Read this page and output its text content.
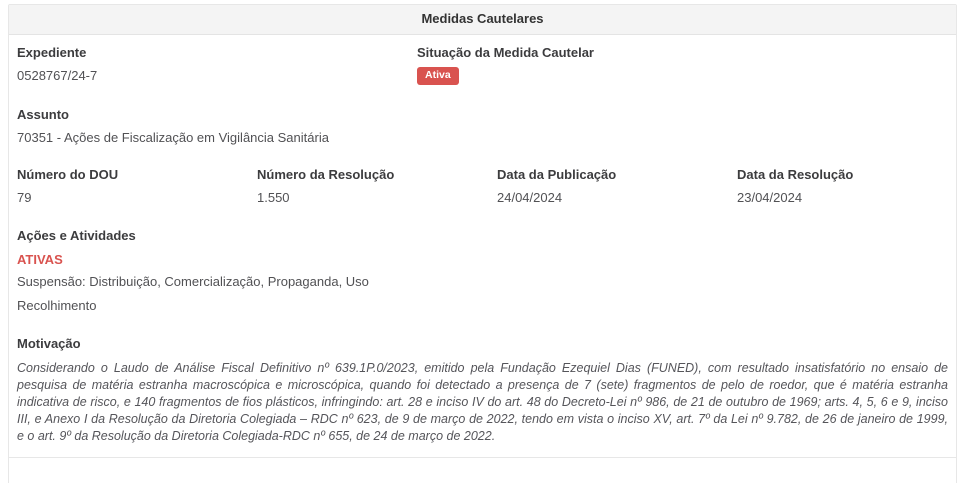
Medidas Cautelares
Expediente
0528767/24-7
Situação da Medida Cautelar
Ativa
Assunto
70351 - Ações de Fiscalização em Vigilância Sanitária
Número do DOU
79
Número da Resolução
1.550
Data da Publicação
24/04/2024
Data da Resolução
23/04/2024
Ações e Atividades
ATIVAS
Suspensão: Distribuição, Comercialização, Propaganda, Uso
Recolhimento
Motivação
Considerando o Laudo de Análise Fiscal Definitivo nº 639.1P.0/2023, emitido pela Fundação Ezequiel Dias (FUNED), com resultado insatisfatório no ensaio de pesquisa de matéria estranha macroscópica e microscópica, quando foi detectado a presença de 7 (sete) fragmentos de pelo de roedor, que é matéria estranha indicativa de risco, e 140 fragmentos de fios plásticos, infringindo: art. 28 e inciso IV do art. 48 do Decreto-Lei nº 986, de 21 de outubro de 1969; arts. 4, 5, 6 e 9, inciso III, e Anexo I da Resolução da Diretoria Colegiada – RDC nº 623, de 9 de março de 2022, tendo em vista o inciso XV, art. 7º da Lei nº 9.782, de 26 de janeiro de 1999, e o art. 9º da Resolução da Diretoria Colegiada-RDC nº 655, de 24 de março de 2022.
